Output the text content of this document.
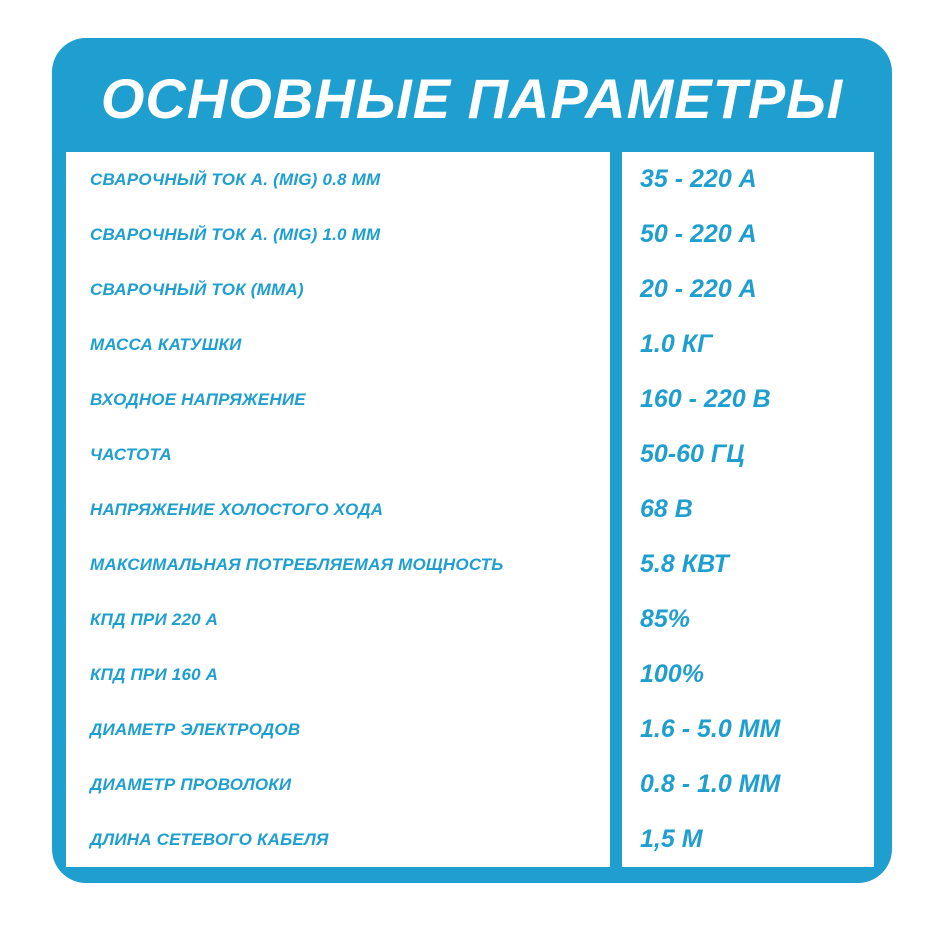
ОСНОВНЫЕ ПАРАМЕТРЫ
СВАРОЧНЫЙ ТОК А. (MIG) 0.8 ММ	35 - 220 А
СВАРОЧНЫЙ ТОК А. (MIG) 1.0 ММ	50 - 220 А
СВАРОЧНЫЙ ТОК (ММА)	20 - 220 А
МАССА КАТУШКИ	1.0 КГ
ВХОДНОЕ НАПРЯЖЕНИЕ	160 - 220 В
ЧАСТОТА	50-60 ГЦ
НАПРЯЖЕНИЕ ХОЛОСТОГО ХОДА	68 В
МАКСИМАЛЬНАЯ ПОТРЕБЛЯЕМАЯ МОЩНОСТЬ	5.8 КВТ
КПД ПРИ 220 А	85%
КПД ПРИ 160 А	100%
ДИАМЕТР ЭЛЕКТРОДОВ	1.6 - 5.0 ММ
ДИАМЕТР ПРОВОЛОКИ	0.8 - 1.0 ММ
ДЛИНА СЕТЕВОГО КАБЕЛЯ	1,5 М
